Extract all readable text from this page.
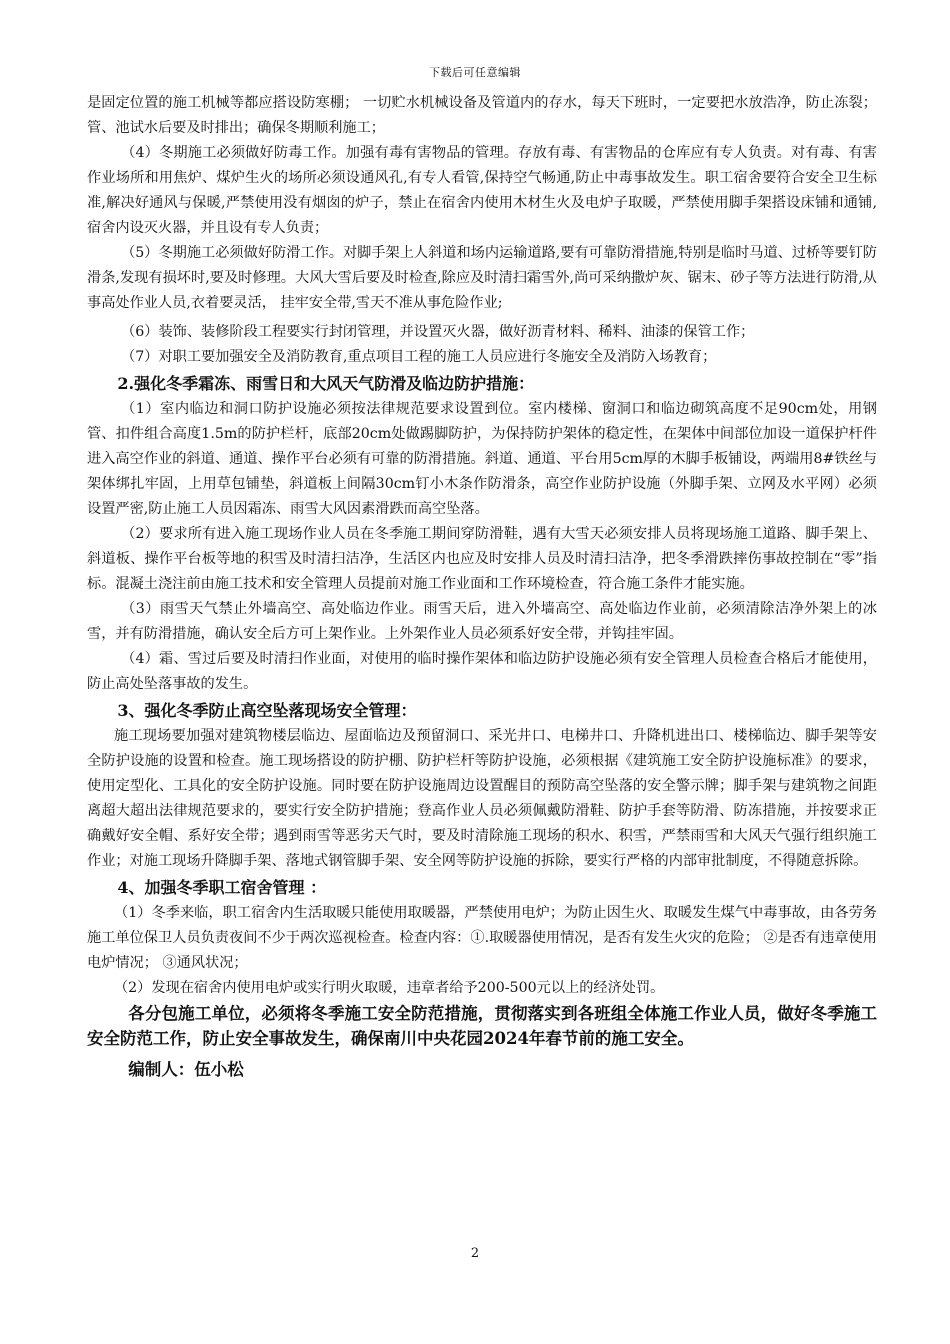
下载后可任意编辑

是固定位置的施工机械等都应搭设防寒棚； 一切贮水机械设备及管道内的存水，每天下班时，一定要把水放浩净，防止冻裂；管、池试水后要及时排出；确保冬期顺利施工；

（4）冬期施工必须做好防毒工作。加强有毒有害物品的管理。存放有毒、有害物品的仓库应有专人负责。对有毒、有害作业场所和用焦炉、煤炉生火的场所必须设通风孔,有专人看管,保持空气畅通,防止中毒事故发生。职工宿舍要符合安全卫生标准,解决好通风与保暖,严禁使用没有烟囱的炉子，禁止在宿舍内使用木材生火及电炉子取暖，严禁使用脚手架搭设床铺和通铺,宿舍内设灭火器，并且设有专人负责；

（5）冬期施工必须做好防滑工作。对脚手架上人斜道和场内运输道路,要有可靠防滑措施,特别是临时马道、过桥等要钉防滑条,发现有损坏时,要及时修理。大风大雪后要及时检查,除应及时清扫霜雪外,尚可采纳撒炉灰、锯末、砂子等方法进行防滑,从事高处作业人员,衣着要灵活， 挂牢安全带,雪天不准从事危险作业;

（6）装饰、装修阶段工程要实行封闭管理，并设置灭火器，做好沥青材料、稀料、油漆的保管工作；

（7）对职工要加强安全及消防教育,重点项目工程的施工人员应进行冬施安全及消防入场教育；

2.强化冬季霜冻、雨雪日和大风天气防滑及临边防护措施：

（1）室内临边和洞口防护设施必须按法律规范要求设置到位。室内楼梯、窗洞口和临边砌筑高度不足90cm处，用钢管、扣件组合高度1.5m的防护栏杆，底部20cm处做踢脚防护，为保持防护架体的稳定性，在架体中间部位加设一道保护杆件进入高空作业的斜道、通道、操作平台必须有可靠的防滑措施。斜道、通道、平台用5cm厚的木脚手板铺设，两端用8#铁丝与架体绑扎牢固，上用草包铺垫，斜道板上间隔30cm钉小木条作防滑条，高空作业防护设施（外脚手架、立网及水平网）必须设置严密,防止施工人员因霜冻、雨雪大风因素滑跌而高空坠落。

（2）要求所有进入施工现场作业人员在冬季施工期间穿防滑鞋，遇有大雪天必须安排人员将现场施工道路、脚手架上、斜道板、操作平台板等地的积雪及时清扫洁净，生活区内也应及时安排人员及时清扫洁净，把冬季滑跌摔伤事故控制在“零”指标。混凝土浇注前由施工技术和安全管理人员提前对施工作业面和工作环境检查，符合施工条件才能实施。

（3）雨雪天气禁止外墙高空、高处临边作业。雨雪天后，进入外墙高空、高处临边作业前，必须清除洁净外架上的冰雪，并有防滑措施，确认安全后方可上架作业。上外架作业人员必须系好安全带，并钩挂牢固。

（4）霜、雪过后要及时清扫作业面，对使用的临时操作架体和临边防护设施必须有安全管理人员检查合格后才能使用，防止高处坠落事故的发生。

3、强化冬季防止高空坠落现场安全管理：

施工现场要加强对建筑物楼层临边、屋面临边及预留洞口、采光井口、电梯井口、升降机进出口、楼梯临边、脚手架等安全防护设施的设置和检查。施工现场搭设的防护棚、防护栏杆等防护设施，必须根据《建筑施工安全防护设施标准》的要求，使用定型化、工具化的安全防护设施。同时要在防护设施周边设置醒目的预防高空坠落的安全警示牌；脚手架与建筑物之间距离超大超出法律规范要求的，要实行安全防护措施；登高作业人员必须佩戴防滑鞋、防护手套等防滑、防冻措施，并按要求正确戴好安全帽、系好安全带；遇到雨雪等恶劣天气时，要及时清除施工现场的积水、积雪，严禁雨雪和大风天气强行组织施工作业；对施工现场升降脚手架、落地式钢管脚手架、安全网等防护设施的拆除，要实行严格的内部审批制度，不得随意拆除。

4、加强冬季职工宿舍管理 ：

（1）冬季来临，职工宿舍内生活取暖只能使用取暖器，严禁使用电炉；为防止因生火、取暖发生煤气中毒事故，由各劳务施工单位保卫人员负责夜间不少于两次巡视检查。检查内容：①.取暖器使用情况，是否有发生火灾的危险； ②是否有违章使用电炉情况； ③通风状况；

（2）发现在宿舍内使用电炉或实行明火取暖，违章者给予200-500元以上的经济处罚。

各分包施工单位，必须将冬季施工安全防范措施，贯彻落实到各班组全体施工作业人员，做好冬季施工安全防范工作，防止安全事故发生，确保南川中央花园2024年春节前的施工安全。

编制人：伍小松

2
